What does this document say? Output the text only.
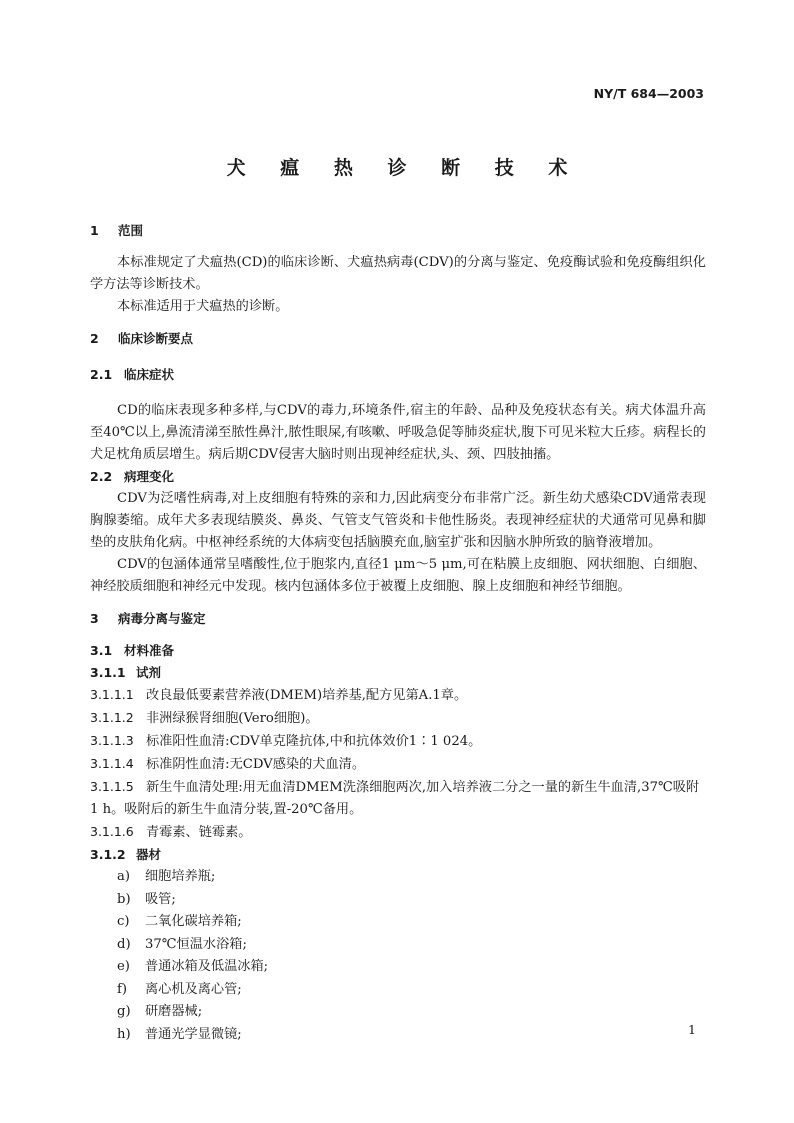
NY/T 684—2003
犬 瘟 热 诊 断 技 术
1 范围

本标准规定了犬瘟热(CD)的临床诊断、犬瘟热病毒(CDV)的分离与鉴定、免疫酶试验和免疫酶组织化学方法等诊断技术。

本标准适用于犬瘟热的诊断。

2 临床诊断要点
2.1 临床症状

CD的临床表现多种多样,与CDV的毒力,环境条件,宿主的年龄、品种及免疫状态有关。病犬体温升高至40℃以上,鼻流清涕至脓性鼻汁,脓性眼屎,有咳嗽、呼吸急促等肺炎症状,腹下可见米粒大丘疹。病程长的犬足枕角质层增生。病后期CDV侵害大脑时则出现神经症状,头、颈、四肢抽搐。

2.2 病理变化

CDV为泛嗜性病毒,对上皮细胞有特殊的亲和力,因此病变分布非常广泛。新生幼犬感染CDV通常表现胸腺萎缩。成年犬多表现结膜炎、鼻炎、气管支气管炎和卡他性肠炎。表现神经症状的犬通常可见鼻和脚垫的皮肤角化病。中枢神经系统的大体病变包括脑膜充血,脑室扩张和因脑水肿所致的脑脊液增加。

CDV的包涵体通常呈嗜酸性,位于胞浆内,直径1 μm～5 μm,可在粘膜上皮细胞、网状细胞、白细胞、神经胶质细胞和神经元中发现。核内包涵体多位于被覆上皮细胞、腺上皮细胞和神经节细胞。

3 病毒分离与鉴定
3.1 材料准备
3.1.1 试剂

3.1.1.1 改良最低要素营养液(DMEM)培养基,配方见第A.1章。

3.1.1.2 非洲绿猴肾细胞(Vero细胞)。

3.1.1.3 标准阳性血清:CDV单克隆抗体,中和抗体效价1∶1 024。

3.1.1.4 标准阴性血清:无CDV感染的犬血清。

3.1.1.5 新生牛血清处理:用无血清DMEM洗涤细胞两次,加入培养液二分之一量的新生牛血清,37℃吸附1 h。吸附后的新生牛血清分装,置-20℃备用。

3.1.1.6 青霉素、链霉素。

3.1.2 器材
a) 细胞培养瓶;
b) 吸管;
c) 二氧化碳培养箱;
d) 37℃恒温水浴箱;
e) 普通冰箱及低温冰箱;
f) 离心机及离心管;
g) 研磨器械;
h) 普通光学显微镜;	1
